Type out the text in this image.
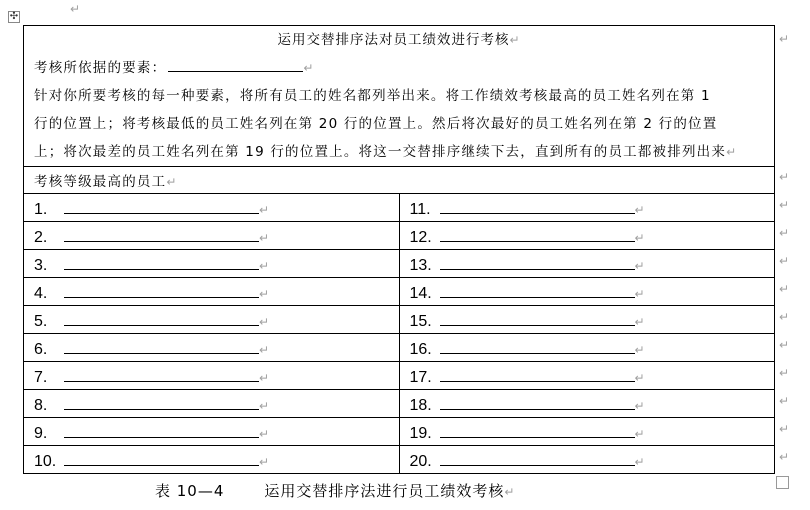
✣
↵
运用交替排序法对员工绩效进行考核↵
考核所依据的要素： ↵
针对你所要考核的每一种要素，将所有员工的姓名都列举出来。将工作绩效考核最高的员工姓名列在第 1
行的位置上；将考核最低的员工姓名列在第 20 行的位置上。然后将次最好的员工姓名列在第 2 行的位置
上；将次最差的员工姓名列在第 19 行的位置上。将这一交替排序继续下去，直到所有的员工都被排列出来↵	

考核等级最高的员工↵	
1. ↵	11. ↵
2. ↵	12. ↵
3. ↵	13. ↵
4. ↵	14. ↵
5. ↵	15. ↵
6. ↵	16. ↵
7. ↵	17. ↵
8. ↵	18. ↵
9. ↵	19. ↵
10. ↵	20. ↵
↵
↵
↵
↵
↵
↵
↵
↵
↵
↵
↵
↵
表 10—4	运用交替排序法进行员工绩效考核↵
